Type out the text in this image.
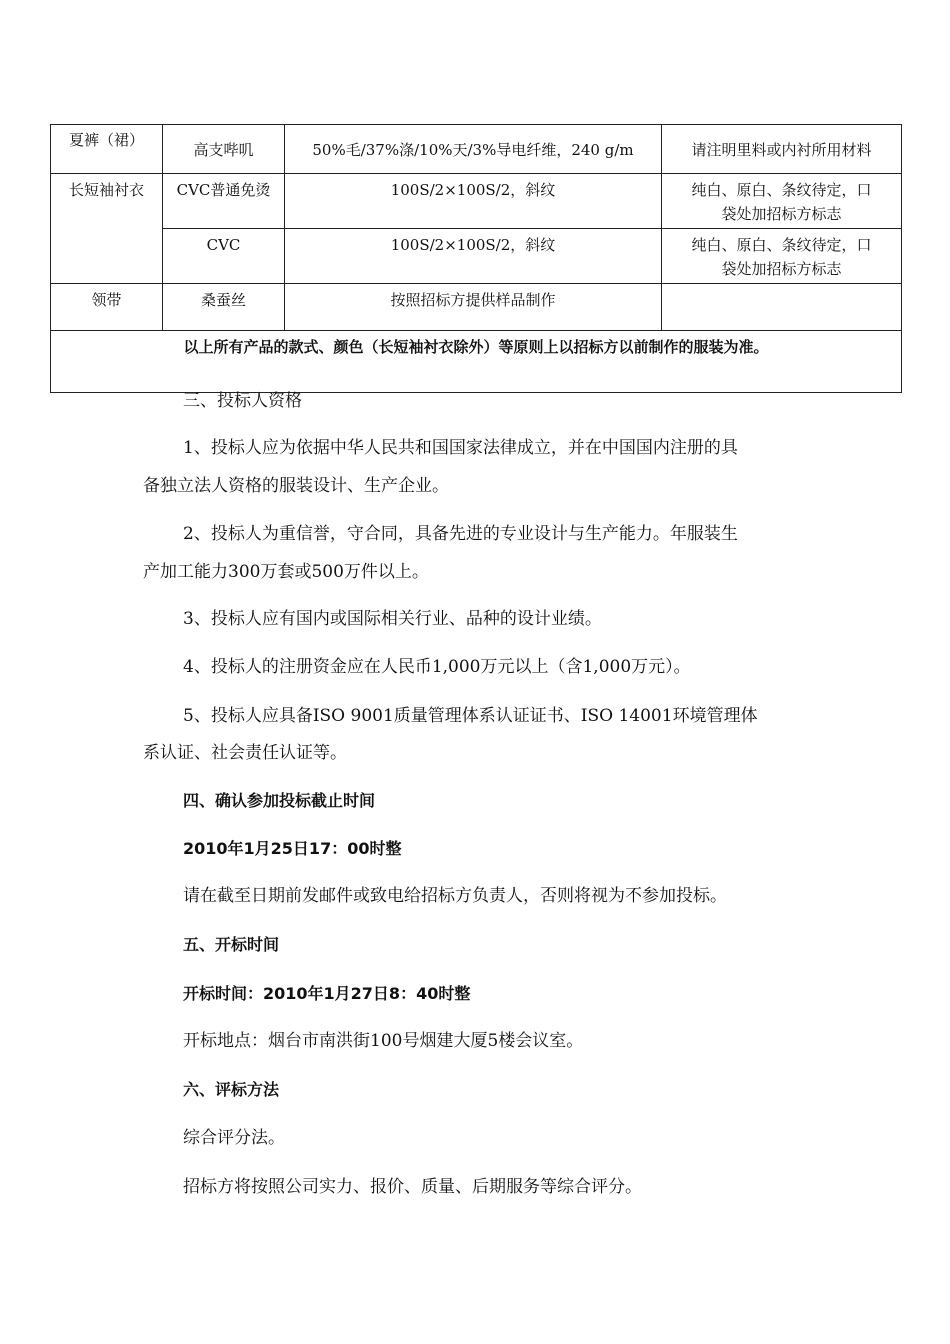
夏裤（裙）	高支哔叽	50%毛/37%涤/10%天/3%导电纤维，240 g/m	请注明里料或内衬所用材料
长短袖衬衣	CVC普通免烫	100S/2×100S/2，斜纹	纯白、原白、条纹待定，口
袋处加招标方标志

	CVC	100S/2×100S/2，斜纹	纯白、原白、条纹待定，口
袋处加招标方标志

领带	桑蚕丝	按照招标方提供样品制作	
以上所有产品的款式、颜色（长短袖衬衣除外）等原则上以招标方以前制作的服装为准。			
三、投标人资格
1、投标人应为依据中华人民共和国国家法律成立，并在中国国内注册的具
备独立法人资格的服装设计、生产企业。
2、投标人为重信誉，守合同，具备先进的专业设计与生产能力。年服装生
产加工能力300万套或500万件以上。
3、投标人应有国内或国际相关行业、品种的设计业绩。
4、投标人的注册资金应在人民币1,000万元以上（含1,000万元）。
5、投标人应具备ISO 9001质量管理体系认证证书、ISO 14001环境管理体
系认证、社会责任认证等。
四、确认参加投标截止时间
2010年1月25日17：00时整
请在截至日期前发邮件或致电给招标方负责人，否则将视为不参加投标。
五、开标时间
开标时间：2010年1月27日8：40时整
开标地点：烟台市南洪街100号烟建大厦5楼会议室。
六、评标方法
综合评分法。
招标方将按照公司实力、报价、质量、后期服务等综合评分。
